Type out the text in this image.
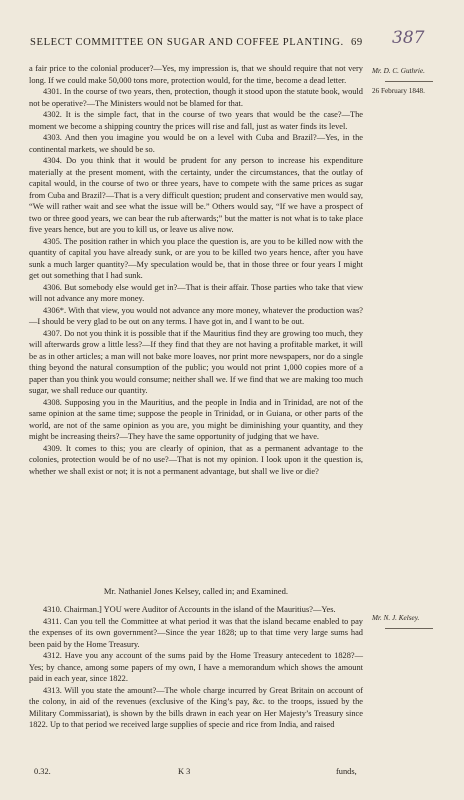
SELECT COMMITTEE ON SUGAR AND COFFEE PLANTING. 69 387
Mr. D. C. Guthrie.
26 February 1848.

a fair price to the colonial producer?—Yes, my impression is, that we should require that not very long. If we could make 50,000 tons more, protection would, for the time, become a dead letter.

4301. In the course of two years, then, protection, though it stood upon the statute book, would not be operative?—The Ministers would not be blamed for that.

4302. It is the simple fact, that in the course of two years that would be the case?—The moment we become a shipping country the prices will rise and fall, just as water finds its level.

4303. And then you imagine you would be on a level with Cuba and Brazil?—Yes, in the continental markets, we should be so.

4304. Do you think that it would be prudent for any person to increase his expenditure materially at the present moment, with the certainty, under the circumstances, that the outlay of capital would, in the course of two or three years, have to compete with the same prices as sugar from Cuba and Brazil?—That is a very difficult question; prudent and conservative men would say, “We will rather wait and see what the issue will be.” Others would say, “If we have a prospect of two or three good years, we can bear the rub afterwards;” but the matter is not what is to take place five years hence, but are you to kill us, or leave us alive now.

4305. The position rather in which you place the question is, are you to be killed now with the quantity of capital you have already sunk, or are you to be killed two years hence, after you have sunk a much larger quantity?—My speculation would be, that in those three or four years I might get out something that I had sunk.

4306. But somebody else would get in?—That is their affair. Those parties who take that view will not advance any more money.

4306*. With that view, you would not advance any more money, whatever the production was?—I should be very glad to be out on any terms. I have got in, and I want to be out.

4307. Do not you think it is possible that if the Mauritius find they are growing too much, they will afterwards grow a little less?—If they find that they are not having a profitable market, it will be as in other articles; a man will not bake more loaves, nor print more newspapers, nor do a single thing beyond the natural consumption of the public; you would not print 1,000 copies more of a paper than you think you would consume; neither shall we. If we find that we are making too much sugar, we shall reduce our quantity.

4308. Supposing you in the Mauritius, and the people in India and in Trinidad, are not of the same opinion at the same time; suppose the people in Trinidad, or in Guiana, or other parts of the world, are not of the same opinion as you are, you might be diminishing your quantity, and they might be increasing theirs?—They have the same opportunity of judging that we have.

4309. It comes to this; you are clearly of opinion, that as a permanent advantage to the colonies, protection would be of no use?—That is not my opinion. I look upon it the question is, whether we shall exist or not; it is not a permanent advantage, but shall we live or die?

Mr. Nathaniel Jones Kelsey, called in; and Examined.
Mr. N. J. Kelsey.

4310. Chairman.] YOU were Auditor of Accounts in the island of the Mauritius?—Yes.

4311. Can you tell the Committee at what period it was that the island became enabled to pay the expenses of its own government?—Since the year 1828; up to that time very large sums had been paid by the Home Treasury.

4312. Have you any account of the sums paid by the Home Treasury antecedent to 1828?—Yes; by chance, among some papers of my own, I have a memorandum which shows the amount paid in each year, since 1822.

4313. Will you state the amount?—The whole charge incurred by Great Britain on account of the colony, in aid of the revenues (exclusive of the King’s pay, &c. to the troops, issued by the Military Commissariat), is shown by the bills drawn in each year on Her Majesty’s Treasury since 1822. Up to that period we received large supplies of specie and rice from India, and raised

0.32.	K 3	funds,
